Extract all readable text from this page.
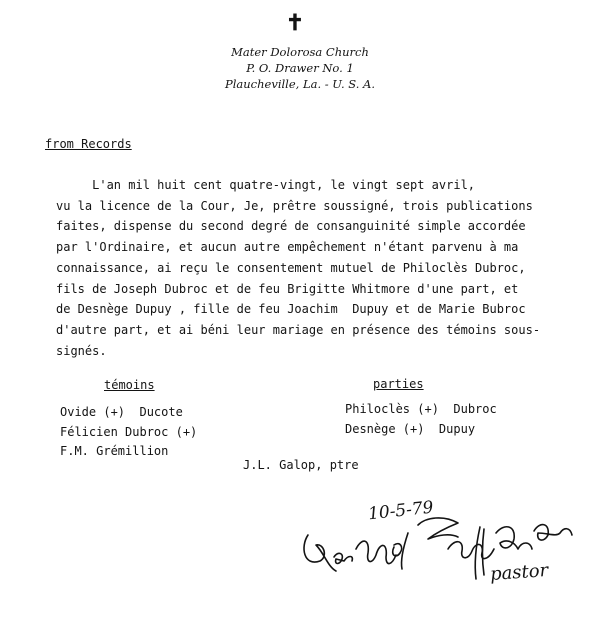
✝
Mater Dolorosa Church
P. O. Drawer No. 1
Plaucheville, La. - U. S. A.
from Records
L'an mil huit cent quatre-vingt, le vingt sept avril,
vu la licence de la Cour, Je, prêtre soussigné, trois publications
faites, dispense du second degré de consanguinité simple accordée
par l'Ordinaire, et aucun autre empêchement n'étant parvenu à ma
connaissance, ai reçu le consentement mutuel de Philoclès Dubroc,
fils de Joseph Dubroc et de feu Brigitte Whitmore d'une part, et
de Desnège Dupuy , fille de feu Joachim  Dupuy et de Marie Bubroc
d'autre part, et ai béni leur mariage en présence des témoins sous-
signés.
témoins	parties
Ovide (+)  Ducote
Félicien Dubroc (+)
F.M. Grémillion
Philoclès (+)  Dubroc
Desnège (+)  Dupuy
J.L. Galop, ptre
10-5-79
pastor
